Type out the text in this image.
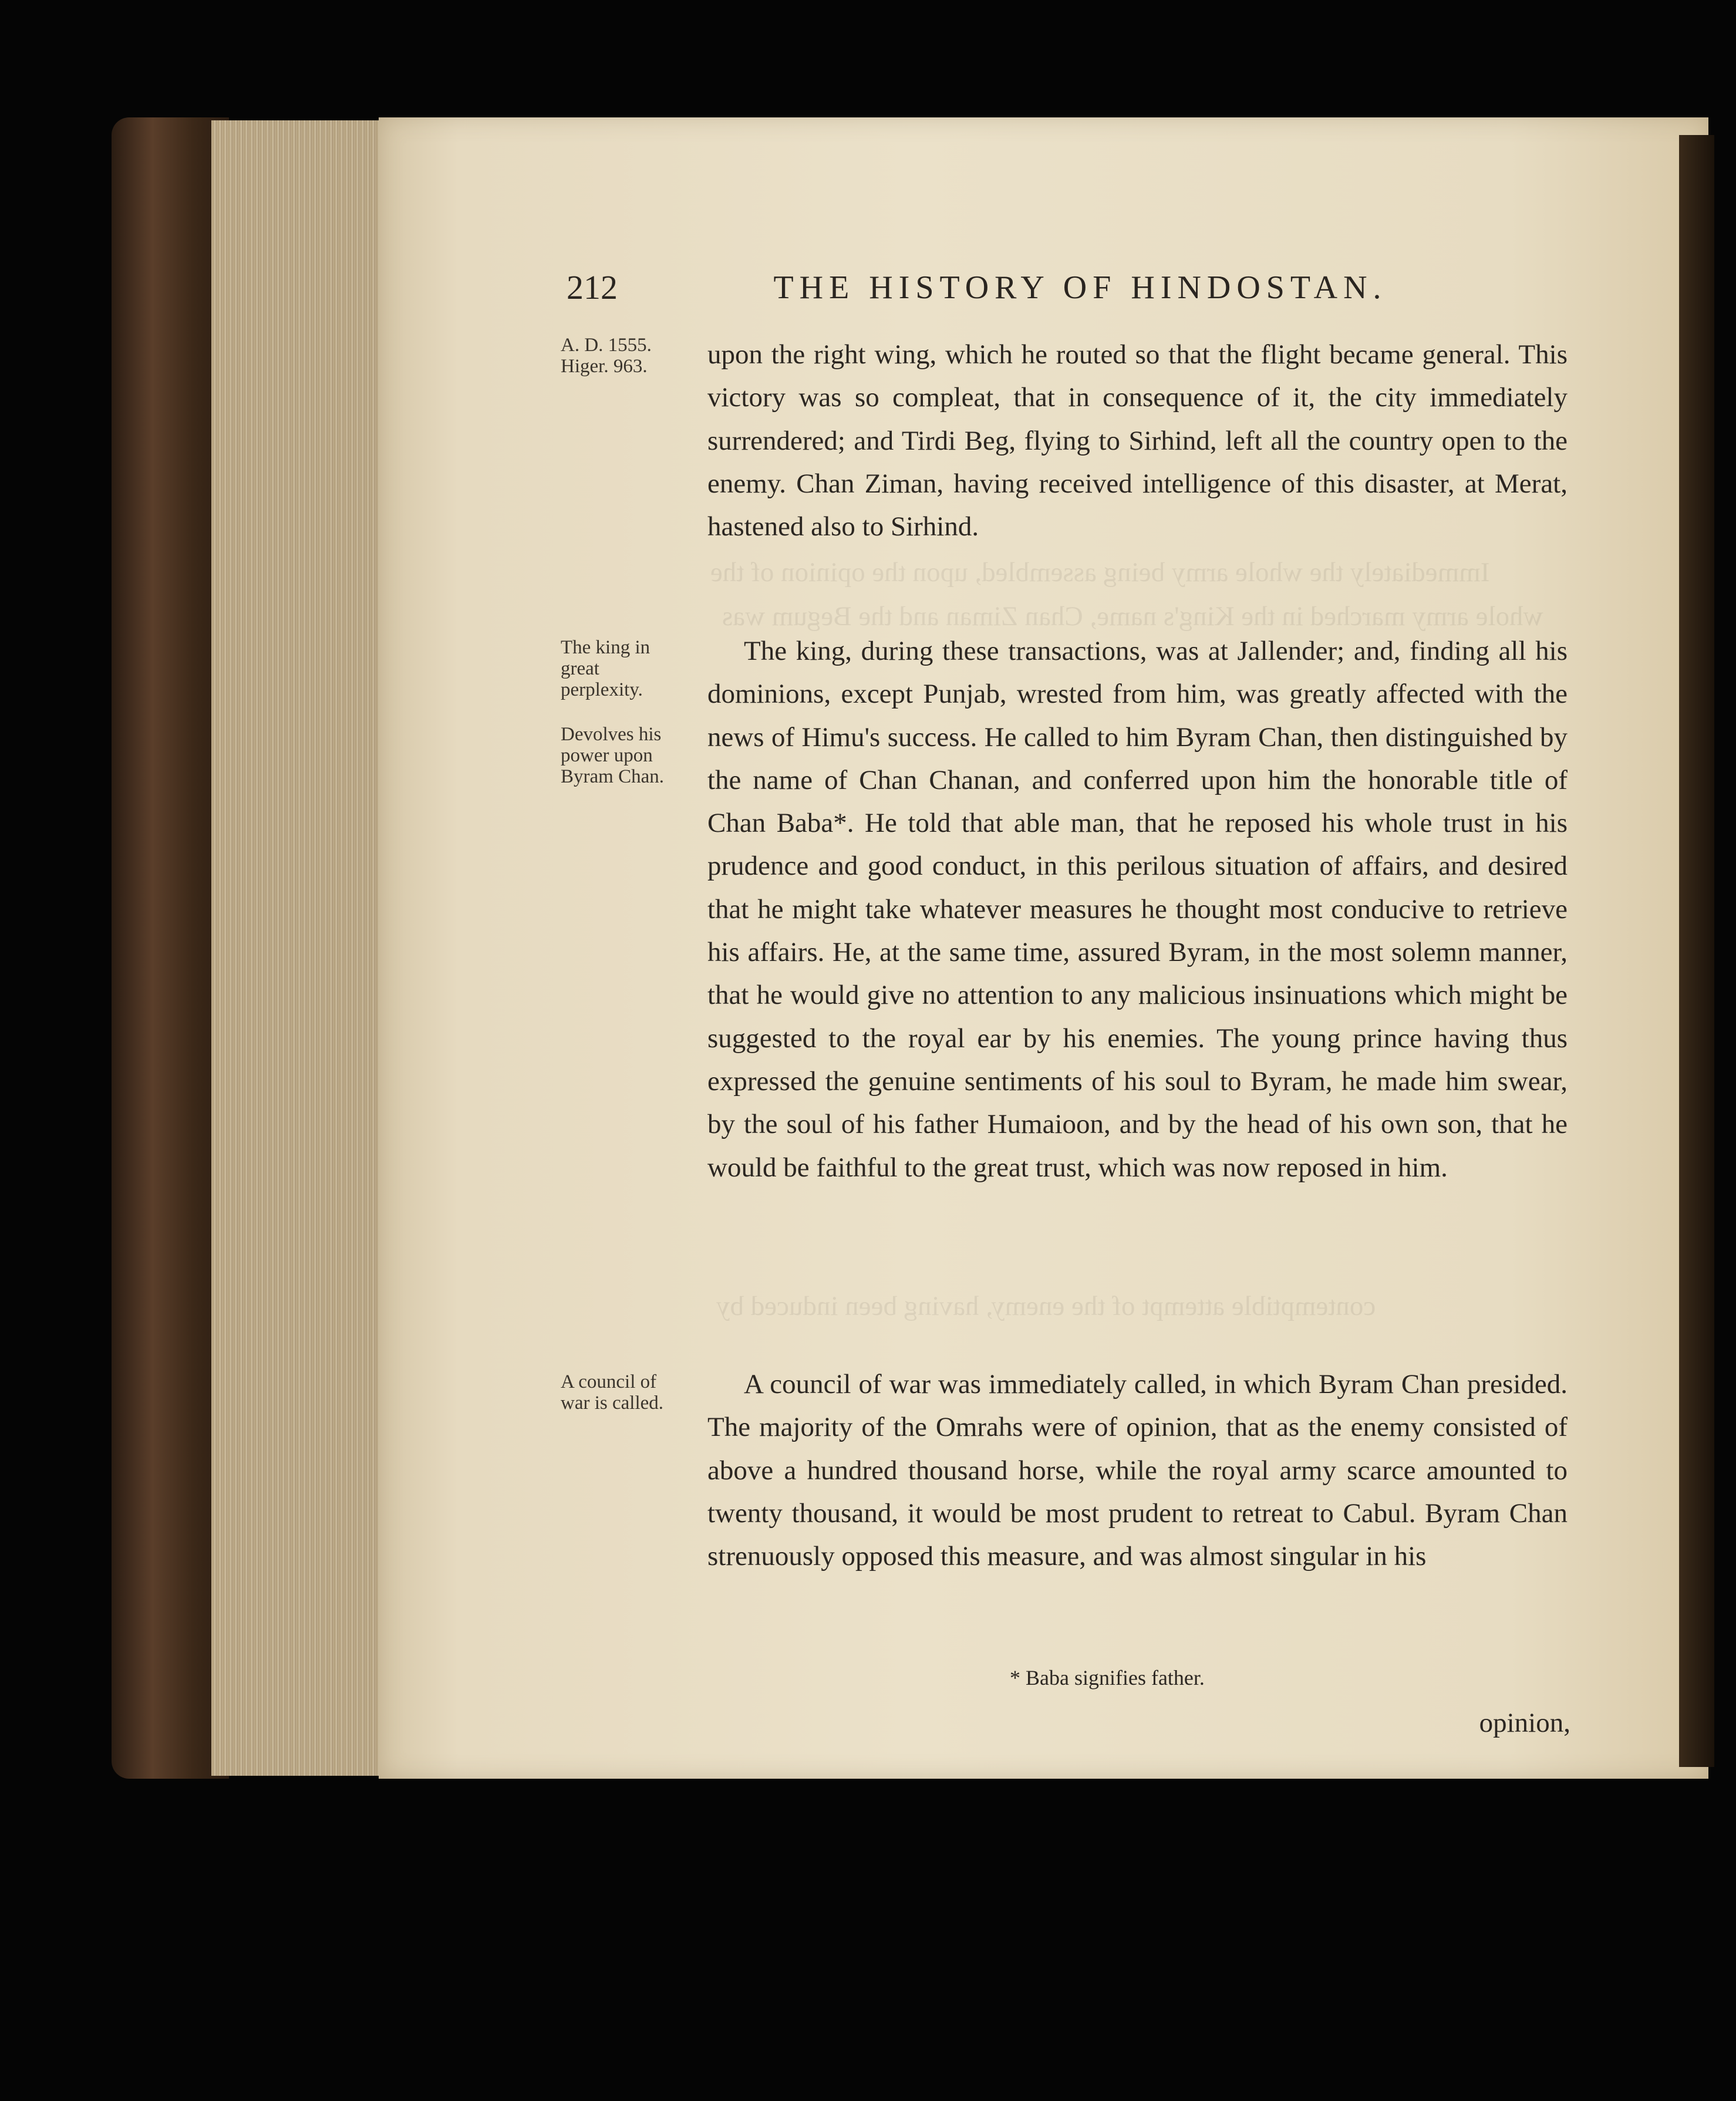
Immediately the whole army being assembled, upon the opinion of the
whole army marched in the King's name, Chan Ziman and the Begum was
contemptible attempt of the enemy, having been induced by
212	THE HISTORY OF HINDOSTAN.
A. D. 1555.
Higer. 963.
The king in great perplexity.
Devolves his power upon Byram Chan.
A council of war is called.

upon the right wing, which he routed so that the flight became general. This victory was so compleat, that in consequence of it, the city immediately surrendered; and Tirdi Beg, flying to Sirhind, left all the country open to the enemy. Chan Ziman, having received intelligence of this disaster, at Merat, hastened also to Sirhind.

The king, during these transactions, was at Jallender; and, finding all his dominions, except Punjab, wrested from him, was greatly affected with the news of Himu's success. He called to him Byram Chan, then distinguished by the name of Chan Chanan, and conferred upon him the honorable title of Chan Baba*. He told that able man, that he reposed his whole trust in his prudence and good conduct, in this perilous situation of affairs, and desired that he might take whatever measures he thought most conducive to retrieve his affairs. He, at the same time, assured Byram, in the most solemn manner, that he would give no attention to any malicious insinuations which might be suggested to the royal ear by his enemies. The young prince having thus expressed the genuine sentiments of his soul to Byram, he made him swear, by the soul of his father Humaioon, and by the head of his own son, that he would be faithful to the great trust, which was now reposed in him.

A council of war was immediately called, in which Byram Chan presided. The majority of the Omrahs were of opinion, that as the enemy consisted of above a hundred thousand horse, while the royal army scarce amounted to twenty thousand, it would be most prudent to retreat to Cabul. Byram Chan strenuously opposed this measure, and was almost singular in his

* Baba signifies father.
opinion,
